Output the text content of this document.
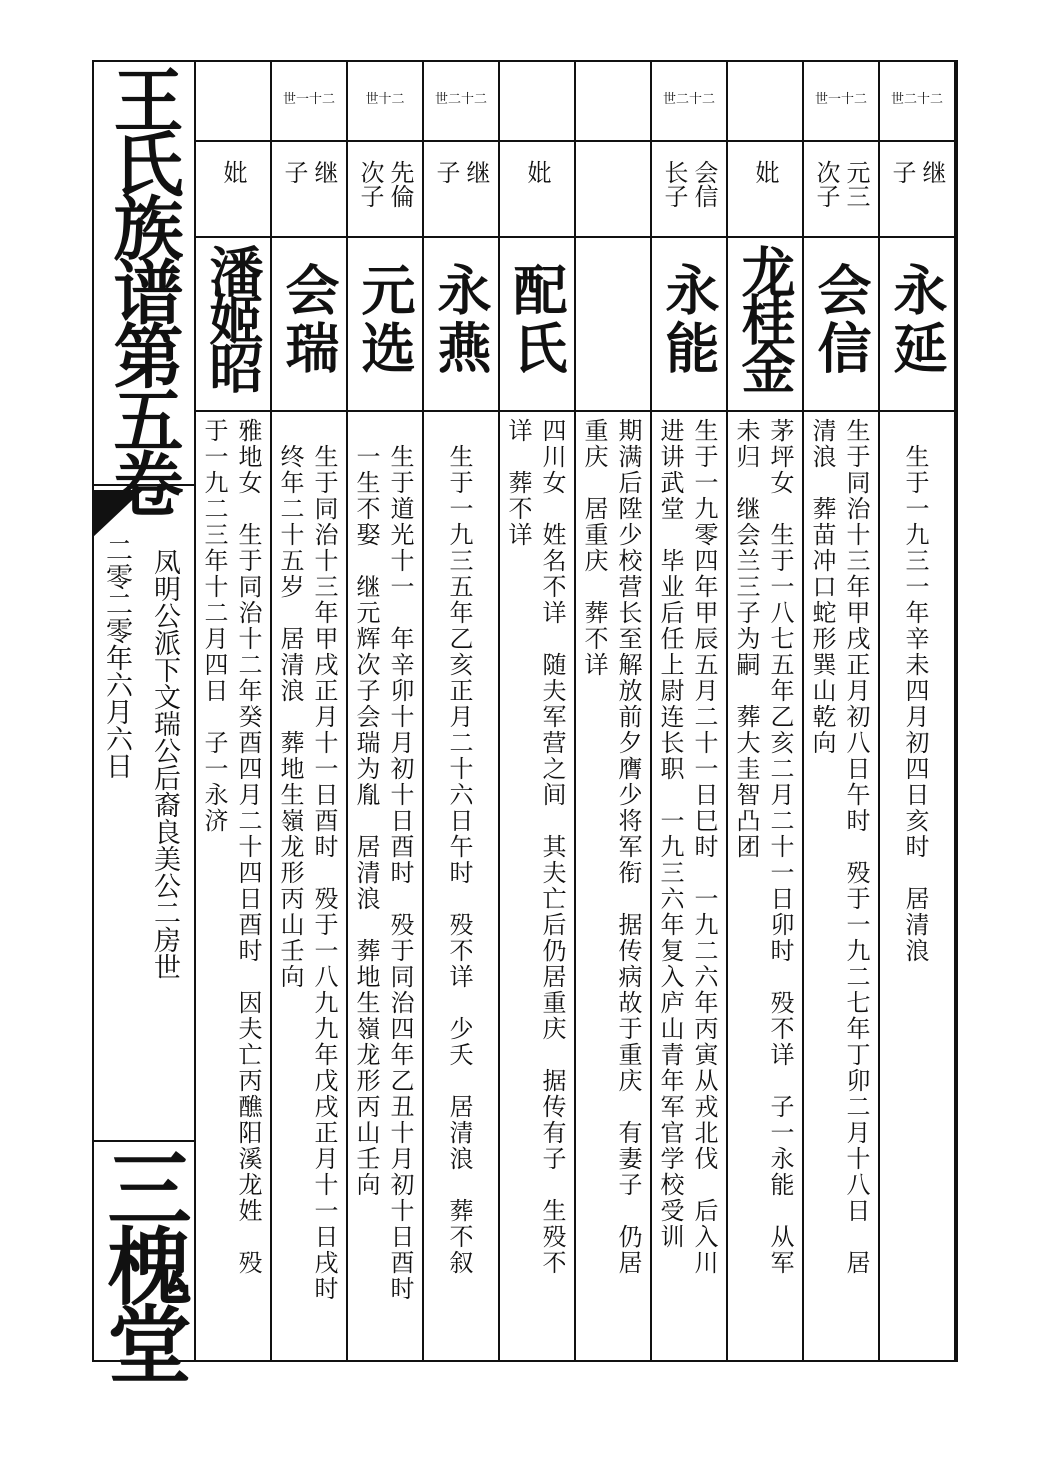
王氏族谱第五卷
凤明公派下文瑞公后裔良美公二房世
二零二零年六月六日
三槐堂
妣
潘姬昭
雅地女　生于同治十二年癸酉四月二十四日酉时　因夫亡丙醮阳溪龙姓　殁
于一九二三年十二月四日　子一永济
世一十二
继
子
会瑞
　生于同治十三年甲戌正月十一日酉时　殁于一八九九年戊戌正月十一日戌时
　终年二十五岁　居清浪　葬地生嶺龙形丙山壬向
世十二
先倫
次子
元选
　生于道光十一　年辛卯十月初十日酉时　殁于同治四年乙丑十月初十日酉时
　一生不娶　继元辉次子会瑞为胤　居清浪　葬地生嶺龙形丙山壬向
世二十二
继
子
永燕
　生于一九三五年乙亥正月二十六日午时　殁不详　少夭　居清浪　葬不叙
妣
配氏
四川女　姓名不详　随夫军营之间　其夫亡后仍居重庆　据传有子　生殁不
详　葬不详	期满后陞少校营长至解放前夕膺少将军衔　据传病故于重庆　有妻子　仍居
重庆　居重庆　葬不详
世二十二
会信
长子
永能
生于一九零四年甲辰五月二十一日巳时　一九二六年丙寅从戎北伐　后入川
进讲武堂　毕业后任上尉连长职　一九三六年复入庐山青年军官学校受训
妣
龙桂金
茅坪女　生于一八七五年乙亥二月二十一日卯时　殁不详　子一永能　从军
未归　继会兰三子为嗣　葬大圭智凸团
世一十二
元三
次子
会信
生于同治十三年甲戌正月初八日午时　殁于一九二七年丁卯二月十八日　居
清浪　葬苗冲口蛇形巽山乾向
世二十二
继
子
永延
　生于一九三一年辛未四月初四日亥时　居清浪
